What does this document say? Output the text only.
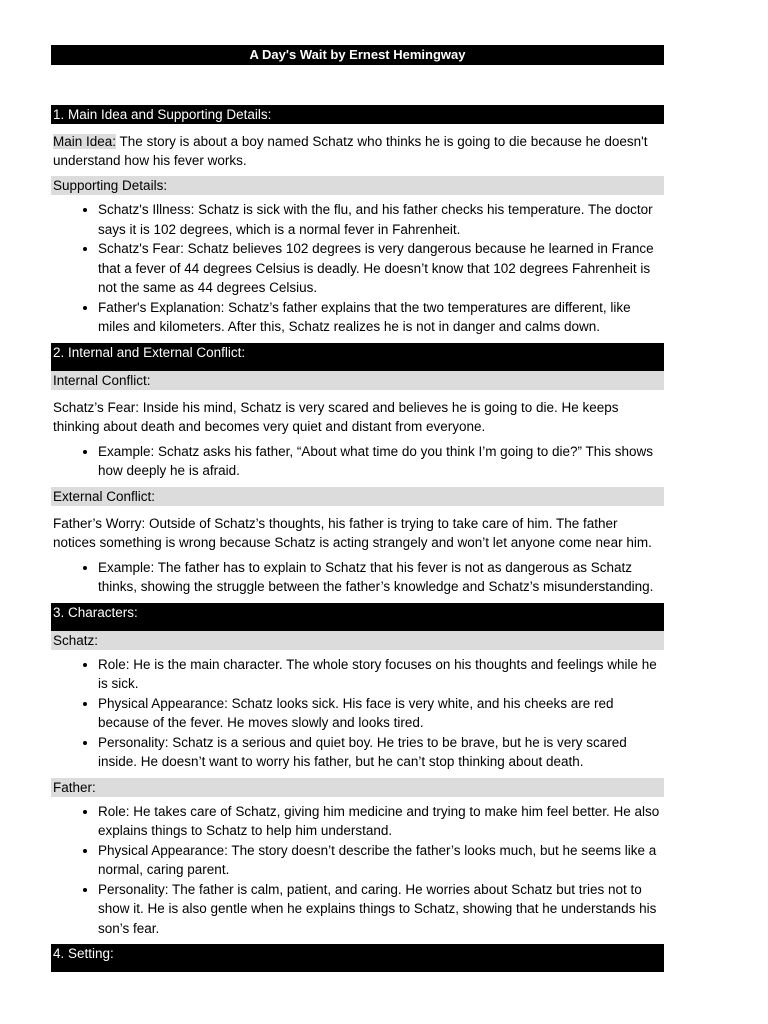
A Day's Wait by Ernest Hemingway
1. Main Idea and Supporting Details:
Main Idea: The story is about a boy named Schatz who thinks he is going to die because he doesn't understand how his fever works.
Supporting Details:
• Schatz's Illness: Schatz is sick with the flu, and his father checks his temperature. The doctor says it is 102 degrees, which is a normal fever in Fahrenheit.
• Schatz's Fear: Schatz believes 102 degrees is very dangerous because he learned in France that a fever of 44 degrees Celsius is deadly. He doesn’t know that 102 degrees Fahrenheit is not the same as 44 degrees Celsius.
• Father's Explanation: Schatz’s father explains that the two temperatures are different, like miles and kilometers. After this, Schatz realizes he is not in danger and calms down.
2. Internal and External Conflict:
Internal Conflict:
Schatz’s Fear: Inside his mind, Schatz is very scared and believes he is going to die. He keeps thinking about death and becomes very quiet and distant from everyone.
• Example: Schatz asks his father, “About what time do you think I’m going to die?” This shows how deeply he is afraid.
External Conflict:
Father’s Worry: Outside of Schatz’s thoughts, his father is trying to take care of him. The father notices something is wrong because Schatz is acting strangely and won’t let anyone come near him.
• Example: The father has to explain to Schatz that his fever is not as dangerous as Schatz thinks, showing the struggle between the father’s knowledge and Schatz’s misunderstanding.
3. Characters:
Schatz:
• Role: He is the main character. The whole story focuses on his thoughts and feelings while he is sick.
• Physical Appearance: Schatz looks sick. His face is very white, and his cheeks are red because of the fever. He moves slowly and looks tired.
• Personality: Schatz is a serious and quiet boy. He tries to be brave, but he is very scared inside. He doesn’t want to worry his father, but he can’t stop thinking about death.
Father:
• Role: He takes care of Schatz, giving him medicine and trying to make him feel better. He also explains things to Schatz to help him understand.
• Physical Appearance: The story doesn’t describe the father’s looks much, but he seems like a normal, caring parent.
• Personality: The father is calm, patient, and caring. He worries about Schatz but tries not to show it. He is also gentle when he explains things to Schatz, showing that he understands his son’s fear.
4. Setting:
